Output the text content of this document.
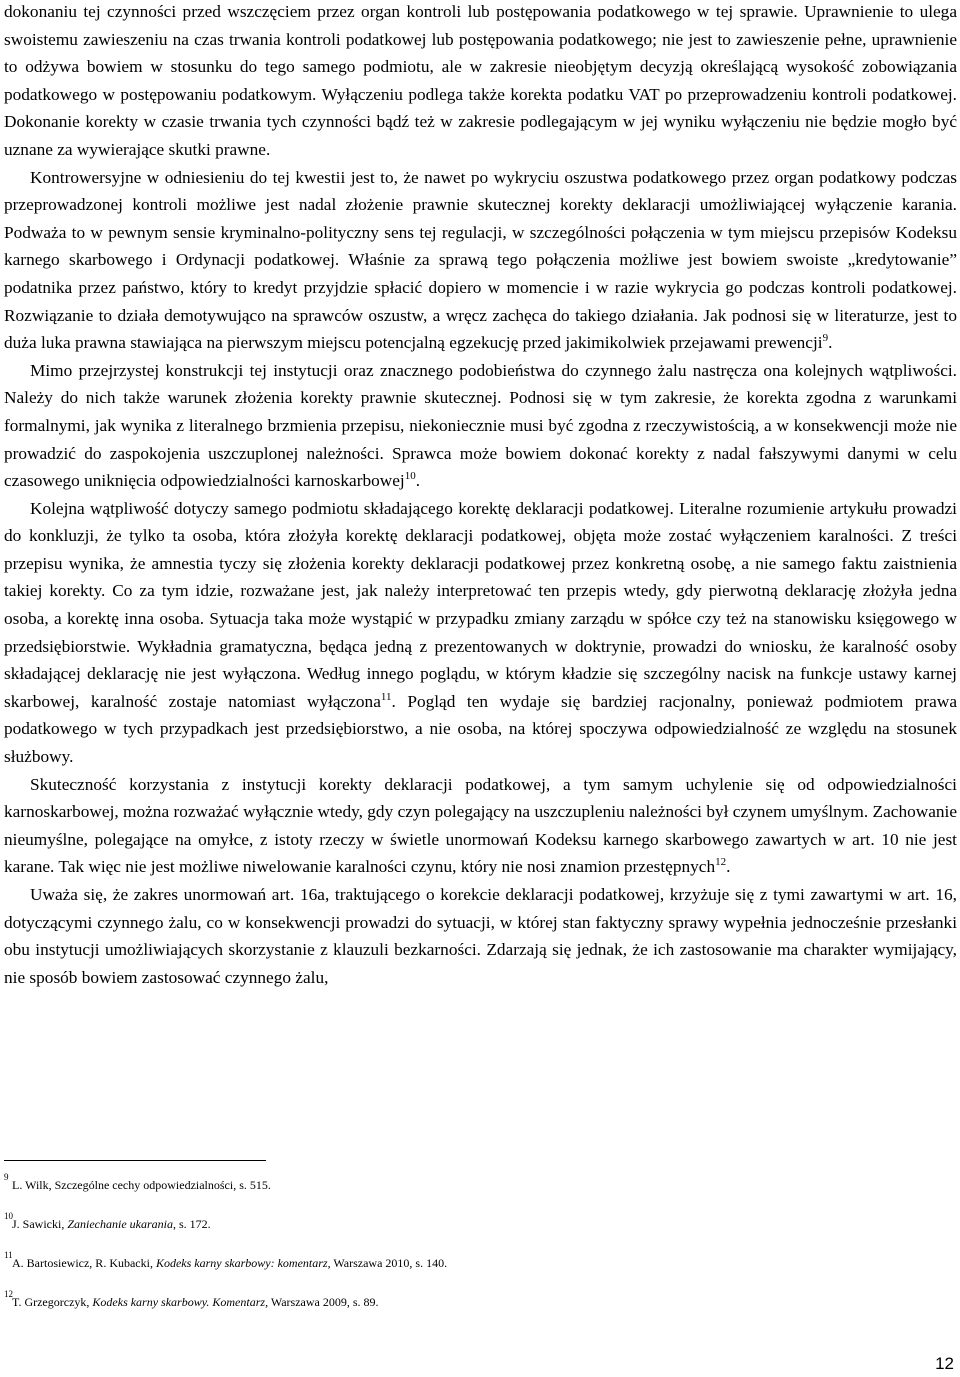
dokonaniu tej czynności przed wszczęciem przez organ kontroli lub postępowania podatkowego w tej sprawie. Uprawnienie to ulega swoistemu zawieszeniu na czas trwania kontroli podatkowej lub postępowania podatkowego; nie jest to zawieszenie pełne, uprawnienie to odżywa bowiem w stosunku do tego samego podmiotu, ale w zakresie nieobjętym decyzją określającą wysokość zobowiązania podatkowego w postępowaniu podatkowym. Wyłączeniu podlega także korekta podatku VAT po przeprowadzeniu kontroli podatkowej. Dokonanie korekty w czasie trwania tych czynności bądź też w zakresie podlegającym w jej wyniku wyłączeniu nie będzie mogło być uznane za wywierające skutki prawne.

Kontrowersyjne w odniesieniu do tej kwestii jest to, że nawet po wykryciu oszustwa podatkowego przez organ podatkowy podczas przeprowadzonej kontroli możliwe jest nadal złożenie prawnie skutecznej korekty deklaracji umożliwiającej wyłączenie karania. Podważa to w pewnym sensie kryminalno-polityczny sens tej regulacji, w szczególności połączenia w tym miejscu przepisów Kodeksu karnego skarbowego i Ordynacji podatkowej. Właśnie za sprawą tego połączenia możliwe jest bowiem swoiste „kredytowanie” podatnika przez państwo, który to kredyt przyjdzie spłacić dopiero w momencie i w razie wykrycia go podczas kontroli podatkowej. Rozwiązanie to działa demotywująco na sprawców oszustw, a wręcz zachęca do takiego działania. Jak podnosi się w literaturze, jest to duża luka prawna stawiająca na pierwszym miejscu potencjalną egzekucję przed jakimikolwiek przejawami prewencji$^9$.

Mimo przejrzystej konstrukcji tej instytucji oraz znacznego podobieństwa do czynnego żalu nastręcza ona kolejnych wątpliwości. Należy do nich także warunek złożenia korekty prawnie skutecznej. Podnosi się w tym zakresie, że korekta zgodna z warunkami formalnymi, jak wynika z literalnego brzmienia przepisu, niekoniecznie musi być zgodna z rzeczywistością, a w konsekwencji może nie prowadzić do zaspokojenia uszczuplonej należności. Sprawca może bowiem dokonać korekty z nadal fałszywymi danymi w celu czasowego uniknięcia odpowiedzialności karnoskarbowej$^{10}$.

Kolejna wątpliwość dotyczy samego podmiotu składającego korektę deklaracji podatkowej. Literalne rozumienie artykułu prowadzi do konkluzji, że tylko ta osoba, która złożyła korektę deklaracji podatkowej, objęta może zostać wyłączeniem karalności. Z treści przepisu wynika, że amnestia tyczy się złożenia korekty deklaracji podatkowej przez konkretną osobę, a nie samego faktu zaistnienia takiej korekty. Co za tym idzie, rozważane jest, jak należy interpretować ten przepis wtedy, gdy pierwotną deklarację złożyła jedna osoba, a korektę inna osoba. Sytuacja taka może wystąpić w przypadku zmiany zarządu w spółce czy też na stanowisku księgowego w przedsiębiorstwie. Wykładnia gramatyczna, będąca jedną z prezentowanych w doktrynie, prowadzi do wniosku, że karalność osoby składającej deklarację nie jest wyłączona. Według innego poglądu, w którym kładzie się szczególny nacisk na funkcje ustawy karnej skarbowej, karalność zostaje natomiast wyłączona$^{11}$. Pogląd ten wydaje się bardziej racjonalny, ponieważ podmiotem prawa podatkowego w tych przypadkach jest przedsiębiorstwo, a nie osoba, na której spoczywa odpowiedzialność ze względu na stosunek służbowy.

Skuteczność korzystania z instytucji korekty deklaracji podatkowej, a tym samym uchylenie się od odpowiedzialności karnoskarbowej, można rozważać wyłącznie wtedy, gdy czyn polegający na uszczupleniu należności był czynem umyślnym. Zachowanie nieumyślne, polegające na omyłce, z istoty rzeczy w świetle unormowań Kodeksu karnego skarbowego zawartych w art. 10 nie jest karane. Tak więc nie jest możliwe niwelowanie karalności czynu, który nie nosi znamion przestępnych$^{12}$.

Uważa się, że zakres unormowań art. 16a, traktującego o korekcie deklaracji podatkowej, krzyżuje się z tymi zawartymi w art. 16, dotyczącymi czynnego żalu, co w konsekwencji prowadzi do sytuacji, w której stan faktyczny sprawy wypełnia jednocześnie przesłanki obu instytucji umożliwiających skorzystanie z klauzuli bezkarności. Zdarzają się jednak, że ich zastosowanie ma charakter wymijający, nie sposób bowiem zastosować czynnego żalu,

9
L. Wilk, Szczególne cechy odpowiedzialności, s. 515.
10
J. Sawicki, Zaniechanie ukarania, s. 172.
11
A. Bartosiewicz, R. Kubacki, Kodeks karny skarbowy: komentarz, Warszawa 2010, s. 140.
12
T. Grzegorczyk, Kodeks karny skarbowy. Komentarz, Warszawa 2009, s. 89.
12
